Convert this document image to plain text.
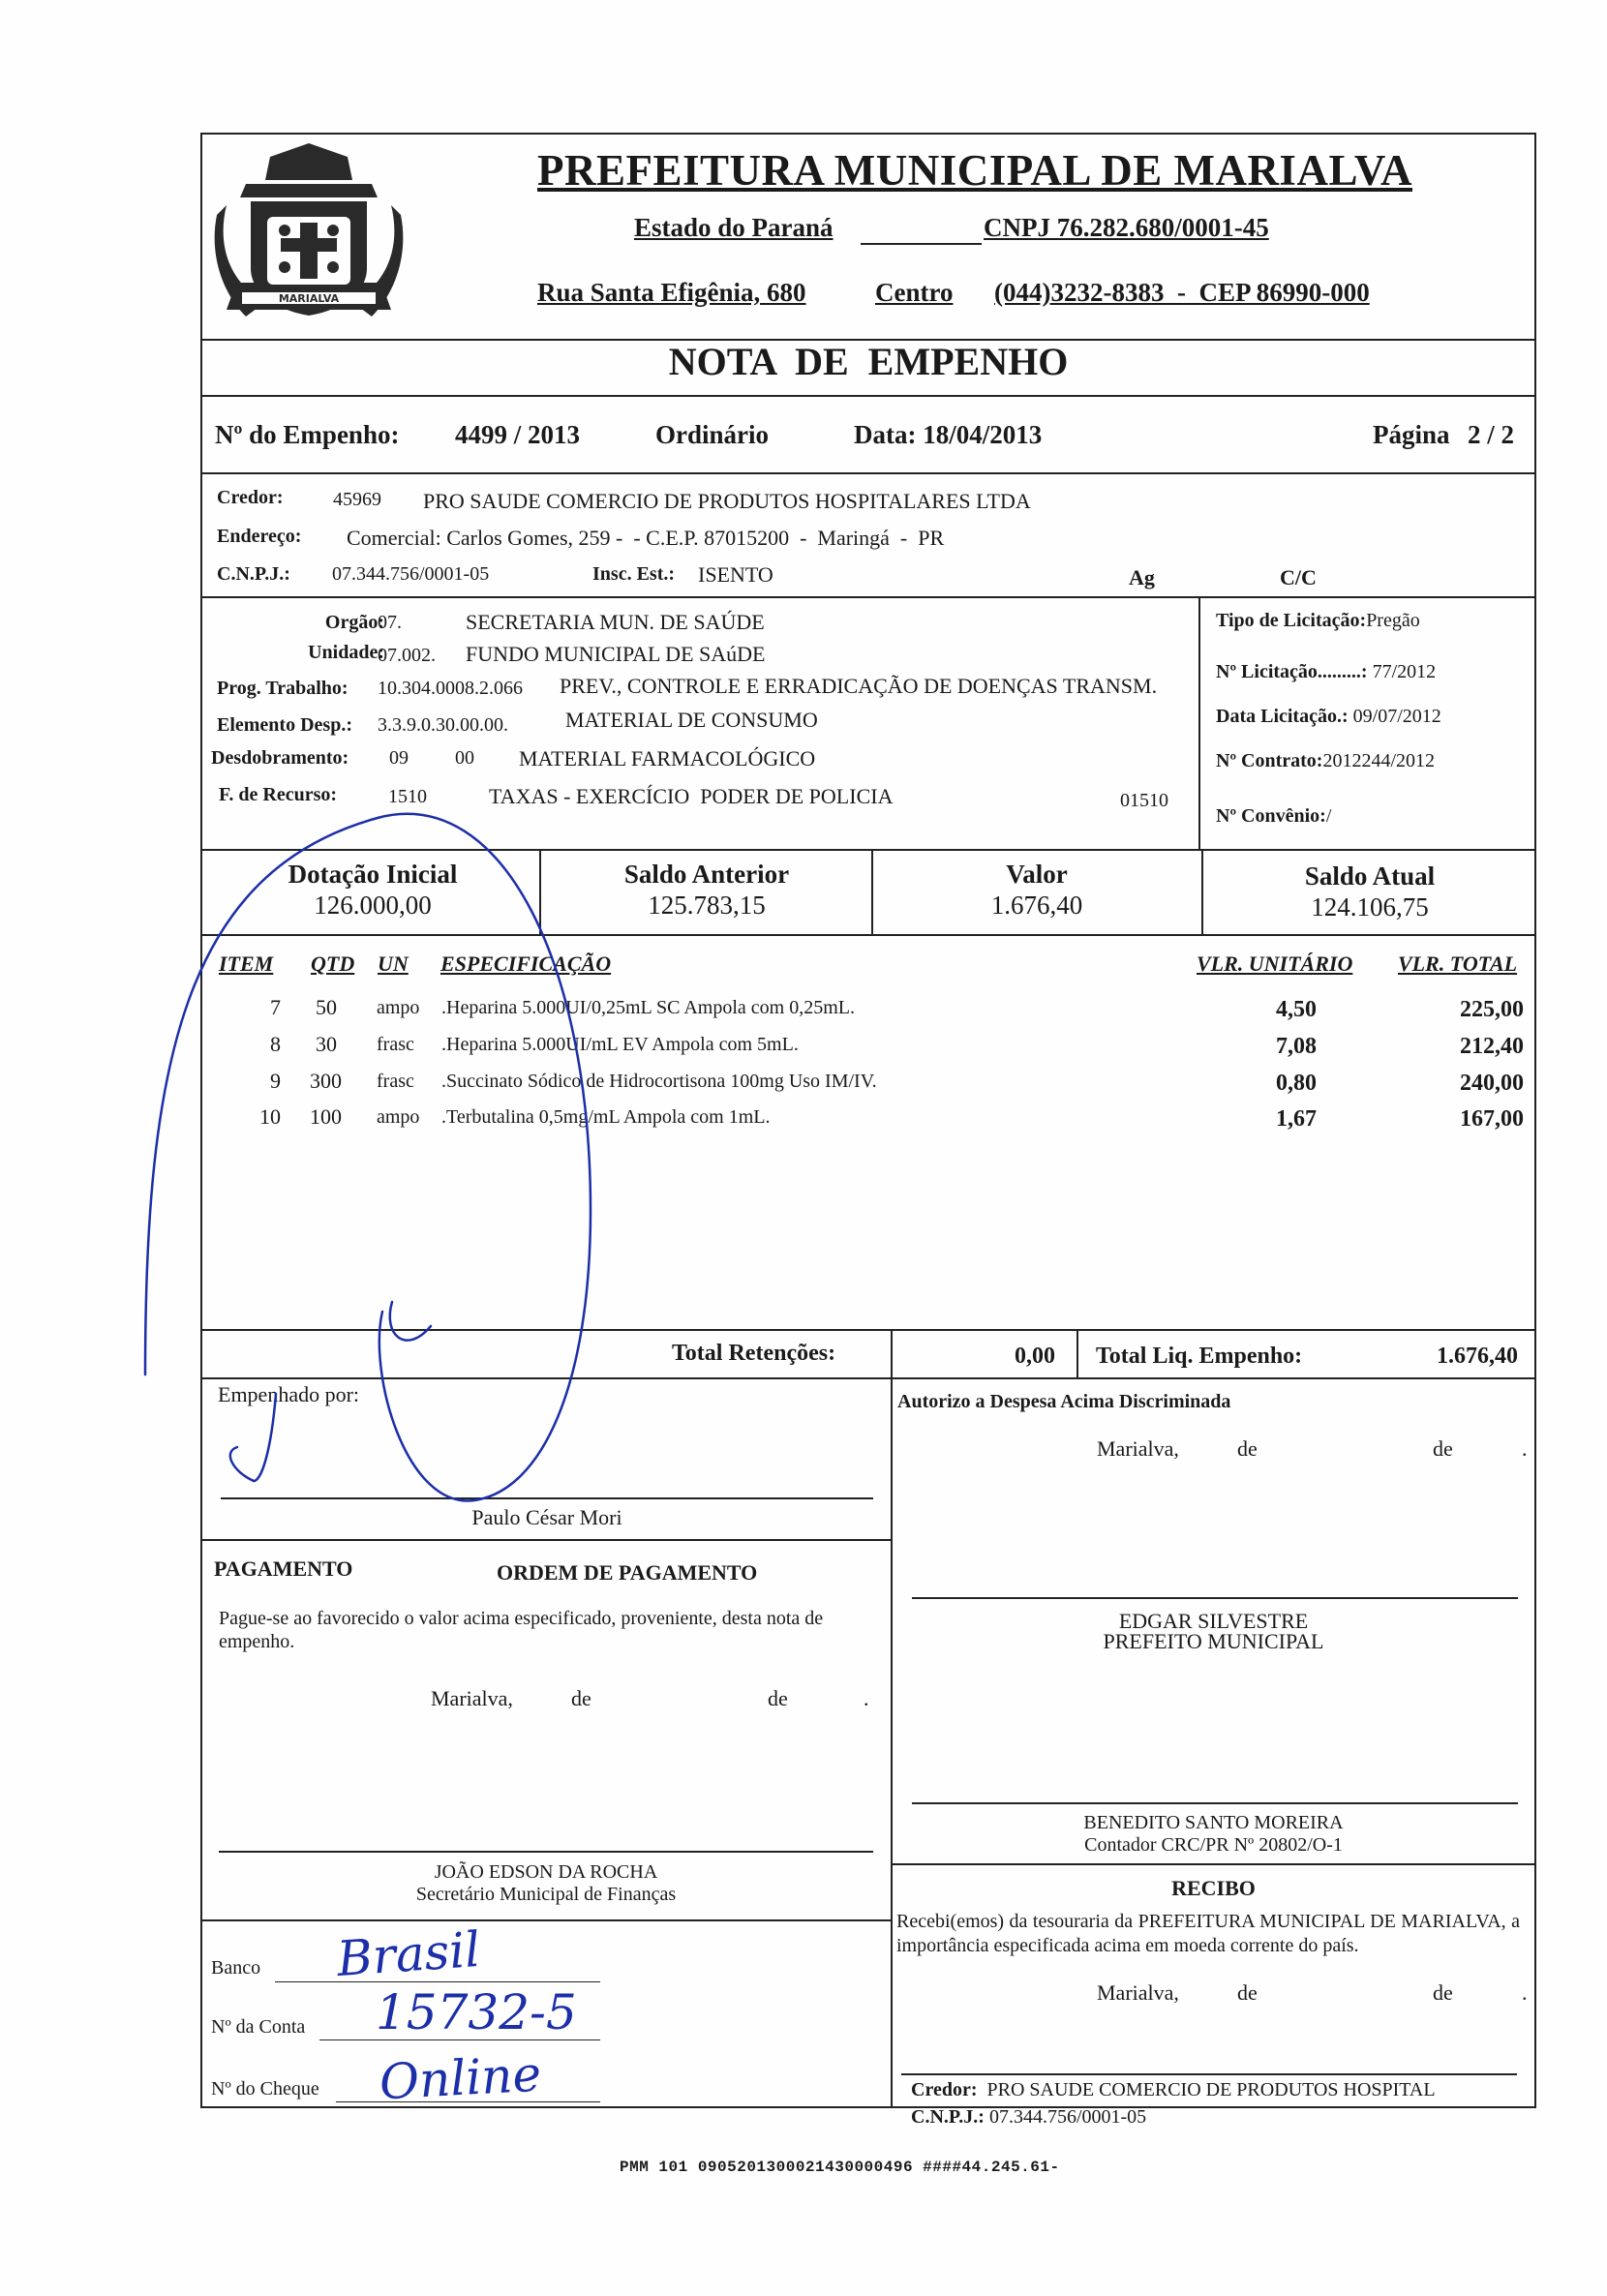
MARIALVA
PREFEITURA MUNICIPAL DE MARIALVA
Estado do Paraná	CNPJ 76.282.680/0001-45
Rua Santa Efigênia, 680	Centro (044)3232-8383  -  CEP 86990-000
NOTA  DE  EMPENHO
Nº do Empenho: 4499 / 2013	Ordinário	Data: 18/04/2013	Página 2 / 2
Credor:	45969 PRO SAUDE COMERCIO DE PRODUTOS HOSPITALARES LTDA
Endereço: Comercial: Carlos Gomes, 259 -  - C.E.P. 87015200  -  Maringá  -  PR
C.N.P.J.: 07.344.756/0001-05	Insc. Est.: ISENTO	Ag	C/C
Orgão:
07.	SECRETARIA MUN. DE SAÚDE
Unidade:
07.002. FUNDO MUNICIPAL DE SAúDE
Prog. Trabalho: 10.304.0008.2.066 PREV., CONTROLE E ERRADICAÇÃO DE DOENÇAS TRANSM.
Elemento Desp.: 3.3.9.0.30.00.00.	MATERIAL DE CONSUMO
Desdobramento: 09 00 MATERIAL FARMACOLÓGICO
F. de Recurso:	1510	TAXAS - EXERCÍCIO  PODER DE POLICIA	01510
Tipo de Licitação:Pregão
Nº Licitação.........: 77/2012
Data Licitação.: 09/07/2012
Nº Contrato:2012244/2012
Nº Convênio:/
Dotação Inicial
126.000,00
Saldo Anterior
125.783,15
Valor
1.676,40
Saldo Atual
124.106,75
ITEM QTD UN ESPECIFICAÇÃO	VLR. UNITÁRIO VLR. TOTAL
7 50 ampo .Heparina 5.000UI/0,25mL SC Ampola com 0,25mL.	4,50	225,00
8 30 frasc .Heparina 5.000UI/mL EV Ampola com 5mL.	7,08	212,40
9 300 frasc .Succinato Sódico de Hidrocortisona 100mg Uso IM/IV.	0,80	240,00
10 100 ampo .Terbutalina 0,5mg/mL Ampola com 1mL.	1,67	167,00
Total Retenções:	0,00 Total Liq. Empenho:	1.676,40
Empenhado por:
Paulo César Mori
Autorizo a Despesa Acima Discriminada
Marialva,	de	de	.
EDGAR SILVESTRE
PREFEITO MUNICIPAL
PAGAMENTO	ORDEM DE PAGAMENTO
Pague-se ao favorecido o valor acima especificado, proveniente, desta nota de empenho.
Marialva,	de	de	.
JOÃO EDSON DA ROCHA
Secretário Municipal de Finanças
Banco Brasil
Nº da Conta 15732-5
Nº do Cheque Online
BENEDITO SANTO MOREIRA
Contador CRC/PR Nº 20802/O-1
RECIBO
Recebi(emos) da tesouraria da PREFEITURA MUNICIPAL DE MARIALVA, a importância especificada acima em moeda corrente do país.
Marialva,	de	de	.
Credor: PRO SAUDE COMERCIO DE PRODUTOS HOSPITAL
C.N.P.J.: 07.344.756/0001-05
PMM 101 0905201300021430000496 ####44.245.61-
